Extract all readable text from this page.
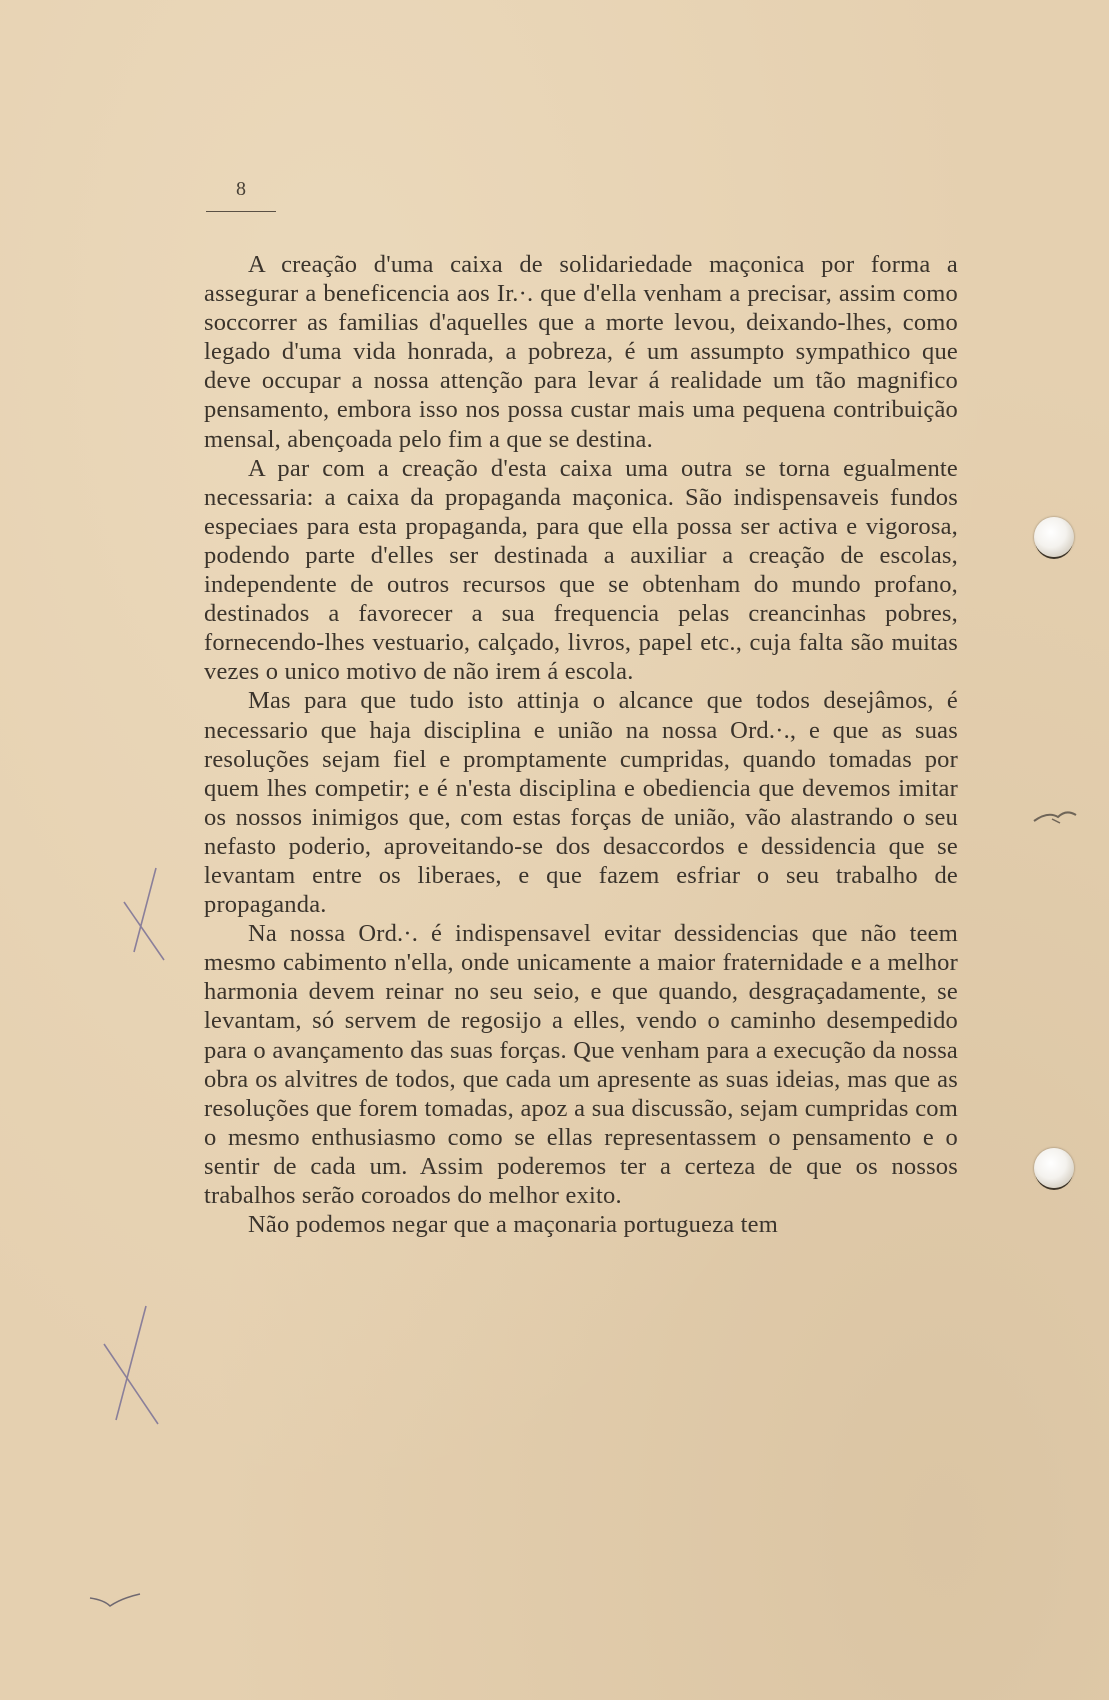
8

A creação d'uma caixa de solidariedade maçonica por forma a assegurar a beneficencia aos Ir.·. que d'ella venham a precisar, assim como soccorrer as familias d'aquelles que a morte levou, deixando-lhes, como legado d'uma vida honrada, a pobreza, é um assumpto sympathico que deve occupar a nossa attenção para levar á realidade um tão magnifico pensamento, embora isso nos possa custar mais uma pequena contribuição mensal, abençoada pelo fim a que se destina.

A par com a creação d'esta caixa uma outra se torna egualmente necessaria: a caixa da propaganda maçonica. São indispensaveis fundos especiaes para esta propaganda, para que ella possa ser activa e vigorosa, podendo parte d'elles ser destinada a auxiliar a creação de escolas, independente de outros recursos que se obtenham do mundo profano, destinados a favorecer a sua frequencia pelas creancinhas pobres, fornecendo-lhes vestuario, calçado, livros, papel etc., cuja falta são muitas vezes o unico motivo de não irem á escola.

Mas para que tudo isto attinja o alcance que todos desejâmos, é necessario que haja disciplina e união na nossa Ord.·., e que as suas resoluções sejam fiel e promptamente cumpridas, quando tomadas por quem lhes competir; e é n'esta disciplina e obediencia que devemos imitar os nossos inimigos que, com estas forças de união, vão alastrando o seu nefasto poderio, aproveitando-se dos desaccordos e dessidencia que se levantam entre os liberaes, e que fazem esfriar o seu trabalho de propaganda.

Na nossa Ord.·. é indispensavel evitar dessidencias que não teem mesmo cabimento n'ella, onde unicamente a maior fraternidade e a melhor harmonia devem reinar no seu seio, e que quando, desgraçadamente, se levantam, só servem de regosijo a elles, vendo o caminho desempedido para o avançamento das suas forças. Que venham para a execução da nossa obra os alvitres de todos, que cada um apresente as suas ideias, mas que as resoluções que forem tomadas, apoz a sua discussão, sejam cumpridas com o mesmo enthusiasmo como se ellas representassem o pensamento e o sentir de cada um. Assim poderemos ter a certeza de que os nossos trabalhos serão coroados do melhor exito.

Não podemos negar que a maçonaria portugueza tem
